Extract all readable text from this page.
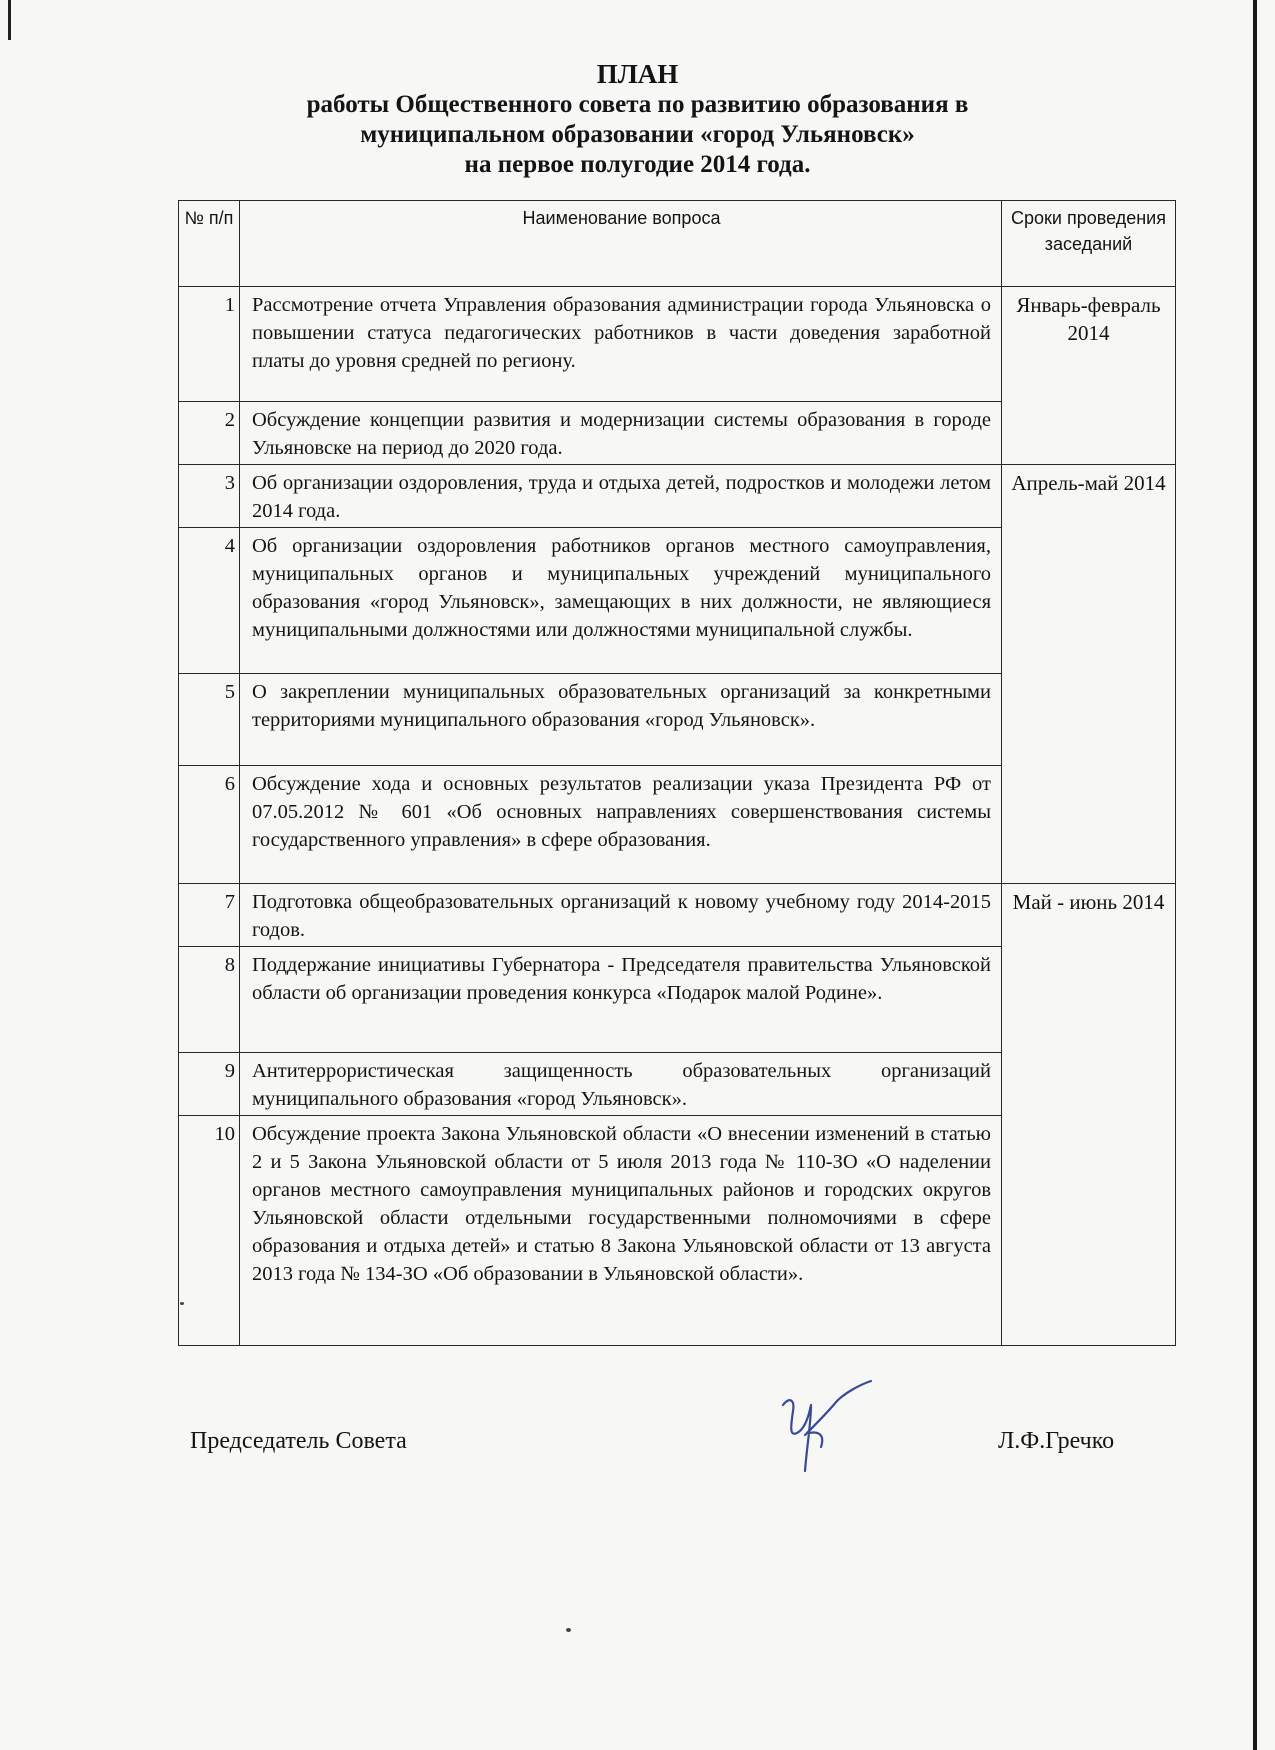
ПЛАН
работы Общественного совета по развитию образования в
муниципальном образовании «город Ульяновск»
на первое полугодие 2014 года.
№ п/п	Наименование вопроса	Сроки проведения заседаний
1	Рассмотрение отчета Управления образования администрации города Ульяновска о повышении статуса педагогических работников в части доведения заработной платы до уровня средней по региону.	Январь-февраль 2014
2	Обсуждение концепции развития и модернизации системы образования в городе Ульяновске на период до 2020 года.	
3	Об организации оздоровления, труда и отдыха детей, подростков и молодежи летом 2014 года.	Апрель-май 2014
4	Об организации оздоровления работников органов местного самоуправления, муниципальных органов и муниципальных учреждений муниципального образования «город Ульяновск», замещающих в них должности, не являющиеся муниципальными должностями или должностями муниципальной службы.	
5	О закреплении муниципальных образовательных организаций за конкретными территориями муниципального образования «город Ульяновск».	
6	Обсуждение хода и основных результатов реализации указа Президента РФ от 07.05.2012 № 601 «Об основных направлениях совершенствования системы государственного управления» в сфере образования.	
7	Подготовка общеобразовательных организаций к новому учебному году 2014-2015 годов.	Май - июнь 2014
8	Поддержание инициативы Губернатора - Председателя правительства Ульяновской области об организации проведения конкурса «Подарок малой Родине».	
9	Антитеррористическая защищенность образовательных организаций муниципального образования «город Ульяновск».	
10	Обсуждение проекта Закона Ульяновской области «О внесении изменений в статью 2 и 5 Закона Ульяновской области от 5 июля 2013 года № 110-ЗО «О наделении органов местного самоуправления муниципальных районов и городских округов Ульяновской области отдельными государственными полномочиями в сфере образования и отдыха детей» и статью 8 Закона Ульяновской области от 13 августа 2013 года № 134-ЗО «Об образовании в Ульяновской области».	
Председатель Совета	Л.Ф.Гречко
